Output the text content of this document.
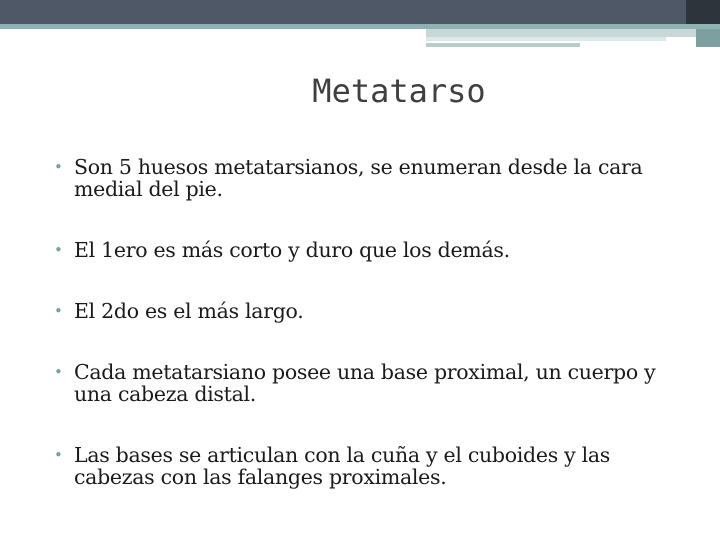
Metatarso
• Son 5 huesos metatarsianos, se enumeran desde la cara medial del pie.
• El 1ero es más corto y duro que los demás.
• El 2do es el más largo.
• Cada metatarsiano posee una base proximal, un cuerpo y una cabeza distal.
• Las bases se articulan con la cuña y el cuboides y las cabezas con las falanges proximales.
